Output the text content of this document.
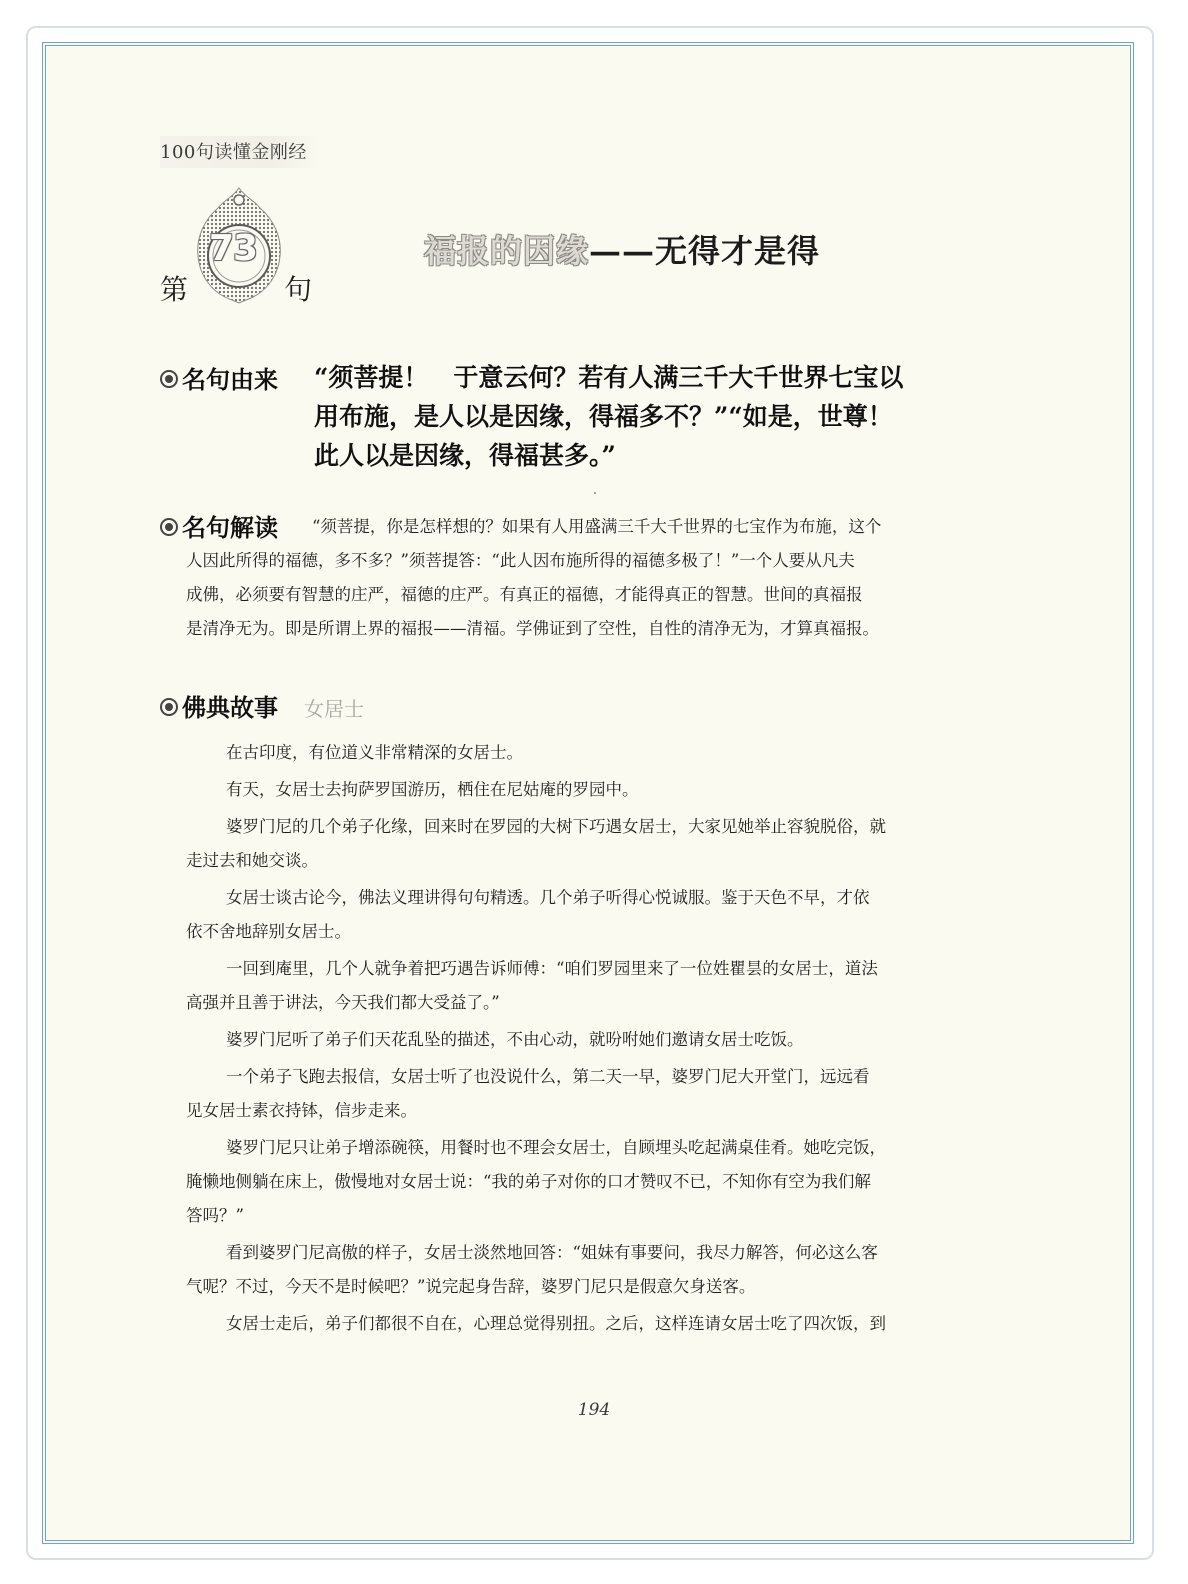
100句读懂金刚经
第	句
73	福报的因缘——无得才是得
名句由来 “须菩提！　于意云何？若有人满三千大千世界七宝以

用布施，是人以是因缘，得福多不？”“如是，世尊！

此人以是因缘，得福甚多。”

名句解读	“须菩提，你是怎样想的？如果有人用盛满三千大千世界的七宝作为布施，这个

人因此所得的福德，多不多？”须菩提答：“此人因布施所得的福德多极了！”一个人要从凡夫

成佛，必须要有智慧的庄严，福德的庄严。有真正的福德，才能得真正的智慧。世间的真福报

是清净无为。即是所谓上界的福报——清福。学佛证到了空性，自性的清净无为，才算真福报。

佛典故事 女居士
在古印度，有位道义非常精深的女居士。
有天，女居士去拘萨罗国游历，栖住在尼姑庵的罗园中。
婆罗门尼的几个弟子化缘，回来时在罗园的大树下巧遇女居士，大家见她举止容貌脱俗，就
走过去和她交谈。
女居士谈古论今，佛法义理讲得句句精透。几个弟子听得心悦诚服。鉴于天色不早，才依
依不舍地辞别女居士。
一回到庵里，几个人就争着把巧遇告诉师傅：“咱们罗园里来了一位姓瞿昙的女居士，道法
高强并且善于讲法，今天我们都大受益了。”
婆罗门尼听了弟子们天花乱坠的描述，不由心动，就吩咐她们邀请女居士吃饭。
一个弟子飞跑去报信，女居士听了也没说什么，第二天一早，婆罗门尼大开堂门，远远看
见女居士素衣持钵，信步走来。
婆罗门尼只让弟子增添碗筷，用餐时也不理会女居士，自顾埋头吃起满桌佳肴。她吃完饭，
腌懒地侧躺在床上，傲慢地对女居士说：“我的弟子对你的口才赞叹不已，不知你有空为我们解
答吗？”
看到婆罗门尼高傲的样子，女居士淡然地回答：“姐妹有事要问，我尽力解答，何必这么客
气呢？不过，今天不是时候吧？”说完起身告辞，婆罗门尼只是假意欠身送客。
女居士走后，弟子们都很不自在，心理总觉得别扭。之后，这样连请女居士吃了四次饭，到
194
